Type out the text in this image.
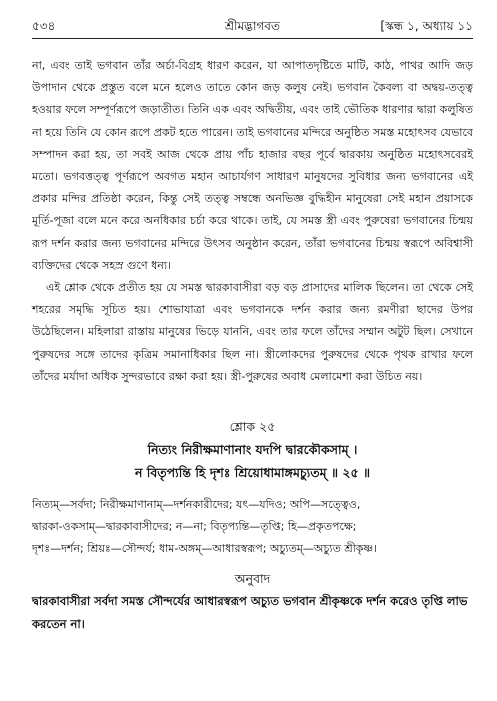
৫৩৪	শ্রীমদ্ভাগবত	[স্কন্ধ ১, অধ্যায় ১১

না, এবং তাই ভগবান তাঁর অর্চা-বিগ্রহ ধারণ করেন, যা আপাতদৃষ্টিতে মাটি, কাঠ, পাথর আদি জড় উপাদান থেকে প্রস্তুত বলে মনে হলেও তাতে কোন জড় কলুষ নেই। ভগবান কৈবল্য বা অদ্বয়-তত্ত্ব হওয়ার ফলে সম্পূর্ণরূপে জড়াতীত। তিনি এক এবং অদ্বিতীয়, এবং তাই ভৌতিক ধারণার দ্বারা কলুষিত না হয়ে তিনি যে কোন রূপে প্রকট হতে পারেন। তাই ভগবানের মন্দিরে অনুষ্ঠিত সমস্ত মহোৎসব যেভাবে সম্পাদন করা হয়, তা সবই আজ থেকে প্রায় পাঁচ হাজার বছর পূর্বে দ্বারকায় অনুষ্ঠিত মহোৎসবেরই মতো। ভগবত্তত্ত্ব পূর্ণরূপে অবগত মহান আচার্যগণ সাধারণ মানুষদের সুবিধার জন্য ভগবানের এই প্রকার মন্দির প্রতিষ্ঠা করেন, কিন্তু সেই তত্ত্ব সম্বন্ধে অনভিজ্ঞ বুদ্ধিহীন মানুষেরা সেই মহান প্রয়াসকে মূর্তি-পূজা বলে মনে করে অনধিকার চর্চা করে থাকে। তাই, যে সমস্ত স্ত্রী এবং পুরুষেরা ভগবানের চিন্ময় রূপ দর্শন করার জন্য ভগবানের মন্দিরে উৎসব অনুষ্ঠান করেন, তাঁরা ভগবানের চিন্ময় স্বরূপে অবিশ্বাসী ব্যক্তিদের থেকে সহস্র গুণে ধন্য।

এই শ্লোক থেকে প্রতীত হয় যে সমস্ত দ্বারকাবাসীরা বড় বড় প্রাসাদের মালিক ছিলেন। তা থেকে সেই শহরের সমৃদ্ধি সূচিত হয়। শোভাযাত্রা এবং ভগবানকে দর্শন করার জন্য রমণীরা ছাদের উপর উঠেছিলেন। মহিলারা রাস্তায় মানুষের ভিড়ে যাননি, এবং তার ফলে তাঁদের সম্মান অটুট ছিল। সেখানে পুরুষদের সঙ্গে তাদের কৃত্রিম সমানাধিকার ছিল না। স্ত্রীলোকদের পুরুষদের থেকে পৃথক রাখার ফলে তাঁদের মর্যাদা অধিক সুন্দরভাবে রক্ষা করা হয়। স্ত্রী-পুরুষের অবাধ মেলামেশা করা উচিত নয়।

শ্লোক ২৫
নিত্যং নিরীক্ষমাণানাং যদপি দ্বারকৌকসাম্ ।
ন বিতৃপ্যন্তি হি দৃশঃ শ্রিয়োধামাঙ্গমচ্যুতম্ ॥ ২৫ ॥

নিত্যম্—সর্বদা; নিরীক্ষমাণানাম্—দর্শনকারীদের; যৎ—যদিও; অপি—সত্ত্বেও,

দ্বারকা-ওকসাম্—দ্বারকাবাসীদের; ন—না; বিতৃপ্যন্তি—তৃপ্তি; হি—প্রকৃতপক্ষে;

দৃশঃ—দর্শন; শ্রিয়ঃ—সৌন্দর্য; ধাম-অঙ্গম্—আধারস্বরূপ; অচ্যুতম্—অচ্যুত শ্রীকৃষ্ণ।

অনুবাদ

দ্বারকাবাসীরা সর্বদা সমস্ত সৌন্দর্যের আধারস্বরূপ অচ্যুত ভগবান শ্রীকৃষ্ণকে দর্শন করেও তৃপ্তি লাভ করতেন না।
